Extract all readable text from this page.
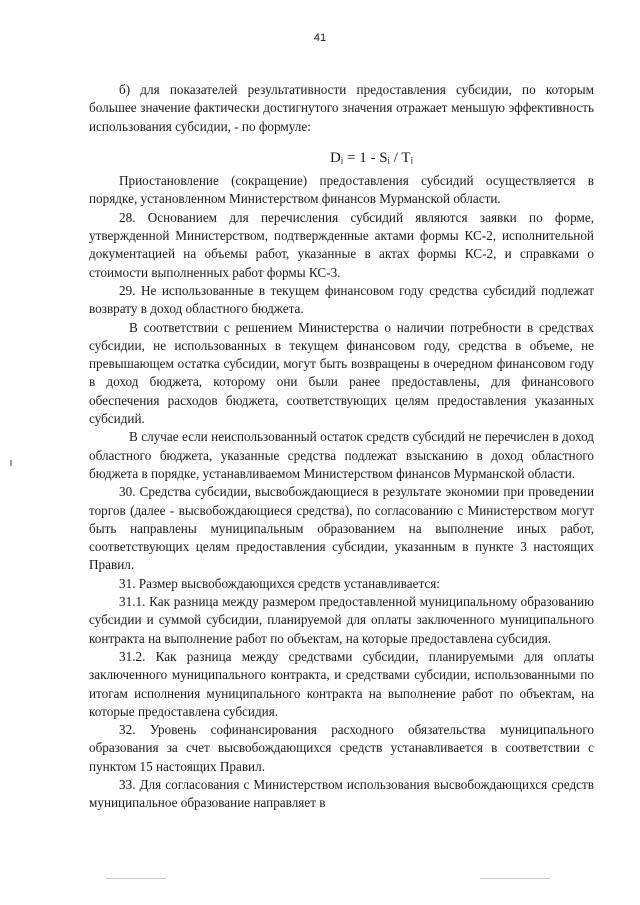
41

б) для показателей результативности предоставления субсидии, по которым большее значение фактически достигнутого значения отражает меньшую эффективность использования субсидии, - по формуле:

Dᵢ = 1 - Sᵢ / Tᵢ

Приостановление (сокращение) предоставления субсидий осуществляется в порядке, установленном Министерством финансов Мурманской области.

28. Основанием для перечисления субсидий являются заявки по форме, утвержденной Министерством, подтвержденные актами формы КС-2, исполнительной документацией на объемы работ, указанные в актах формы КС-2, и справками о стоимости выполненных работ формы КС-3.

29. Не использованные в текущем финансовом году средства субсидий подлежат возврату в доход областного бюджета.

В соответствии с решением Министерства о наличии потребности в средствах субсидии, не использованных в текущем финансовом году, средства в объеме, не превышающем остатка субсидии, могут быть возвращены в очередном финансовом году в доход бюджета, которому они были ранее предоставлены, для финансового обеспечения расходов бюджета, соответствующих целям предоставления указанных субсидий.

В случае если неиспользованный остаток средств субсидий не перечислен в доход областного бюджета, указанные средства подлежат взысканию в доход областного бюджета в порядке, устанавливаемом Министерством финансов Мурманской области.

30. Средства субсидии, высвобождающиеся в результате экономии при проведении торгов (далее - высвобождающиеся средства), по согласованию с Министерством могут быть направлены муниципальным образованием на выполнение иных работ, соответствующих целям предоставления субсидии, указанным в пункте 3 настоящих Правил.

31. Размер высвобождающихся средств устанавливается:

31.1. Как разница между размером предоставленной муниципальному образованию субсидии и суммой субсидии, планируемой для оплаты заключенного муниципального контракта на выполнение работ по объектам, на которые предоставлена субсидия.

31.2. Как разница между средствами субсидии, планируемыми для оплаты заключенного муниципального контракта, и средствами субсидии, использованными по итогам исполнения муниципального контракта на выполнение работ по объектам, на которые предоставлена субсидия.

32. Уровень софинансирования расходного обязательства муниципального образования за счет высвобождающихся средств устанавливается в соответствии с пунктом 15 настоящих Правил.

33. Для согласования с Министерством использования высвобождающихся средств муниципальное образование направляет в
